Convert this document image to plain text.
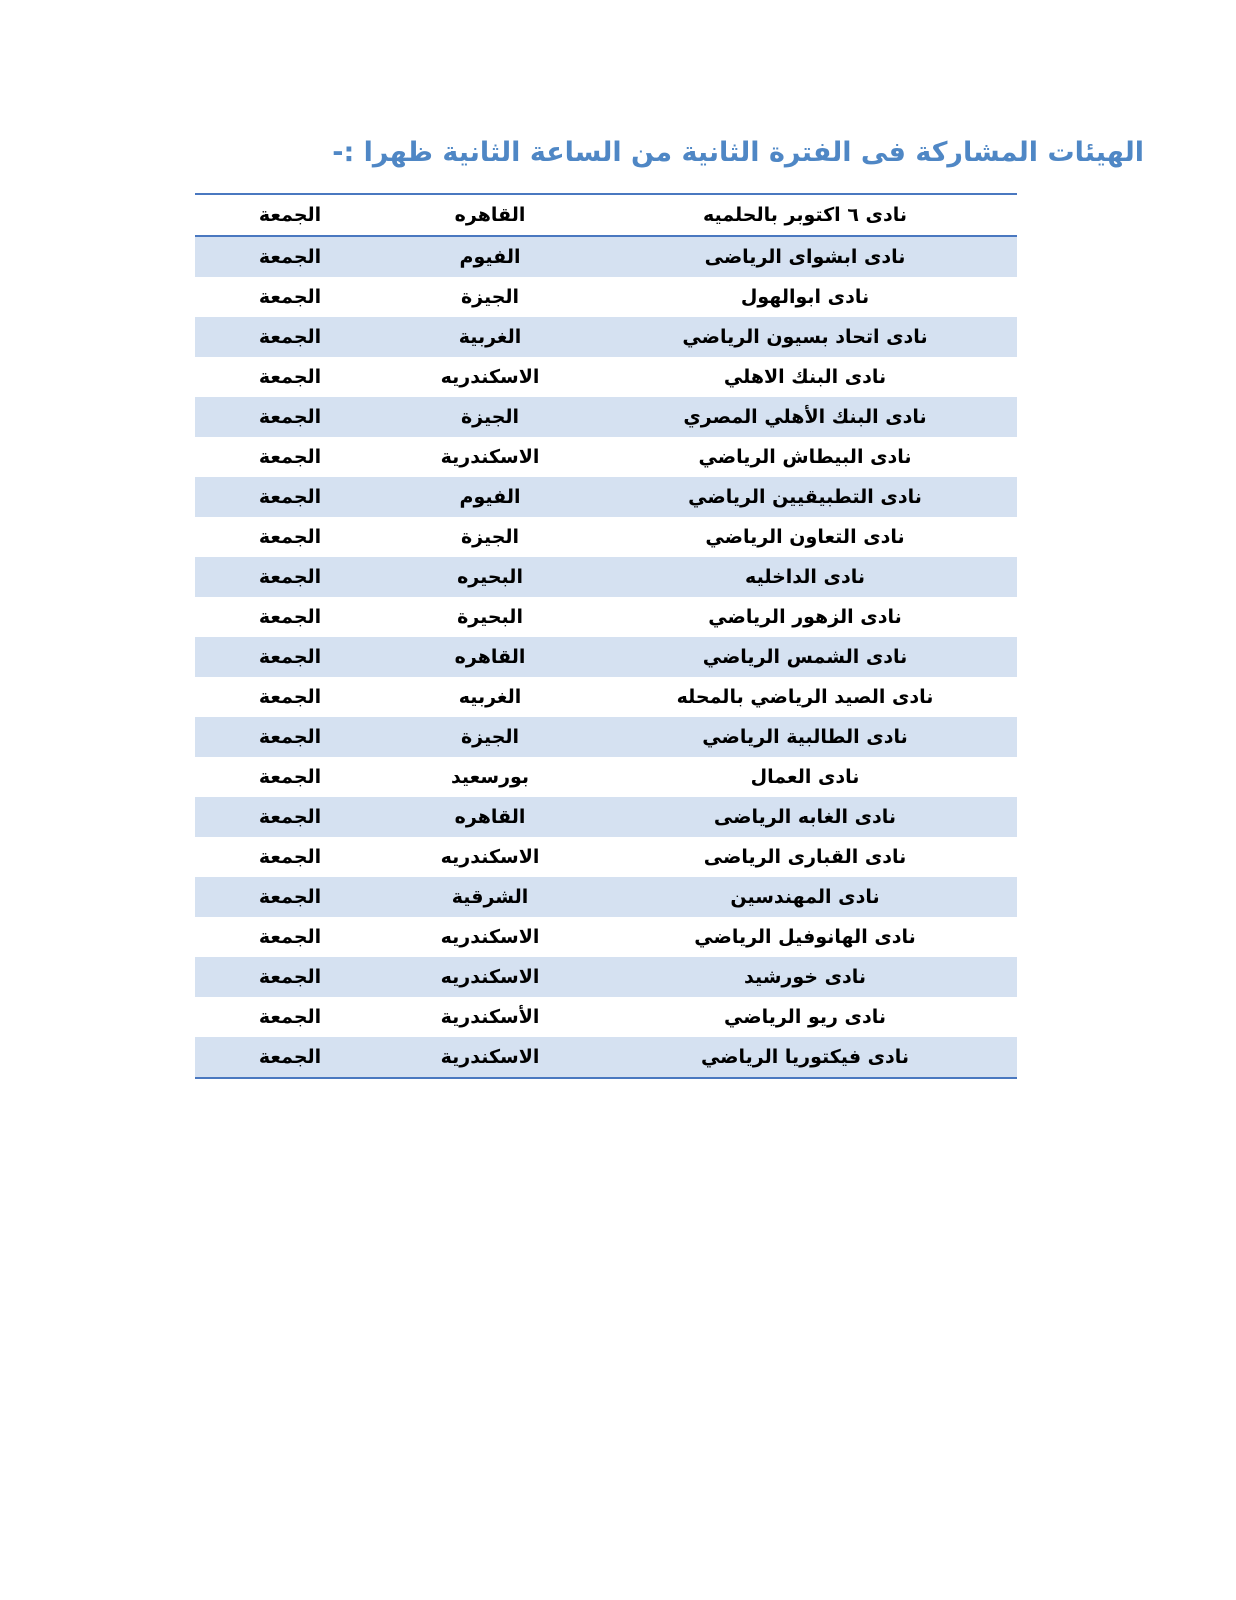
الهيئات المشاركة فى الفترة الثانية من الساعة الثانية ظهرا :-
نادى ٦ اكتوبر بالحلميه
القاهره
الجمعة
نادى ابشواى الرياضى
الفيوم
الجمعة
نادى ابوالهول
الجيزة
الجمعة
نادى اتحاد بسيون الرياضي
الغربية
الجمعة
نادى البنك الاهلي
الاسكندريه
الجمعة
نادى البنك الأهلي المصري
الجيزة
الجمعة
نادى البيطاش الرياضي
الاسكندرية
الجمعة
نادى التطبيقيين الرياضي
الفيوم
الجمعة
نادى التعاون الرياضي
الجيزة
الجمعة
نادى الداخليه
البحيره
الجمعة
نادى الزهور الرياضي
البحيرة
الجمعة
نادى الشمس الرياضي
القاهره
الجمعة
نادى الصيد الرياضي بالمحله
الغربيه
الجمعة
نادى الطالبية الرياضي
الجيزة
الجمعة
نادى العمال
بورسعيد
الجمعة
نادى الغابه الرياضى
القاهره
الجمعة
نادى القبارى الرياضى
الاسكندريه
الجمعة
نادى المهندسين
الشرقية
الجمعة
نادى الهانوفيل الرياضي
الاسكندريه
الجمعة
نادى خورشيد
الاسكندريه
الجمعة
نادى ريو الرياضي
الأسكندرية
الجمعة
نادى فيكتوريا الرياضي
الاسكندرية
الجمعة
